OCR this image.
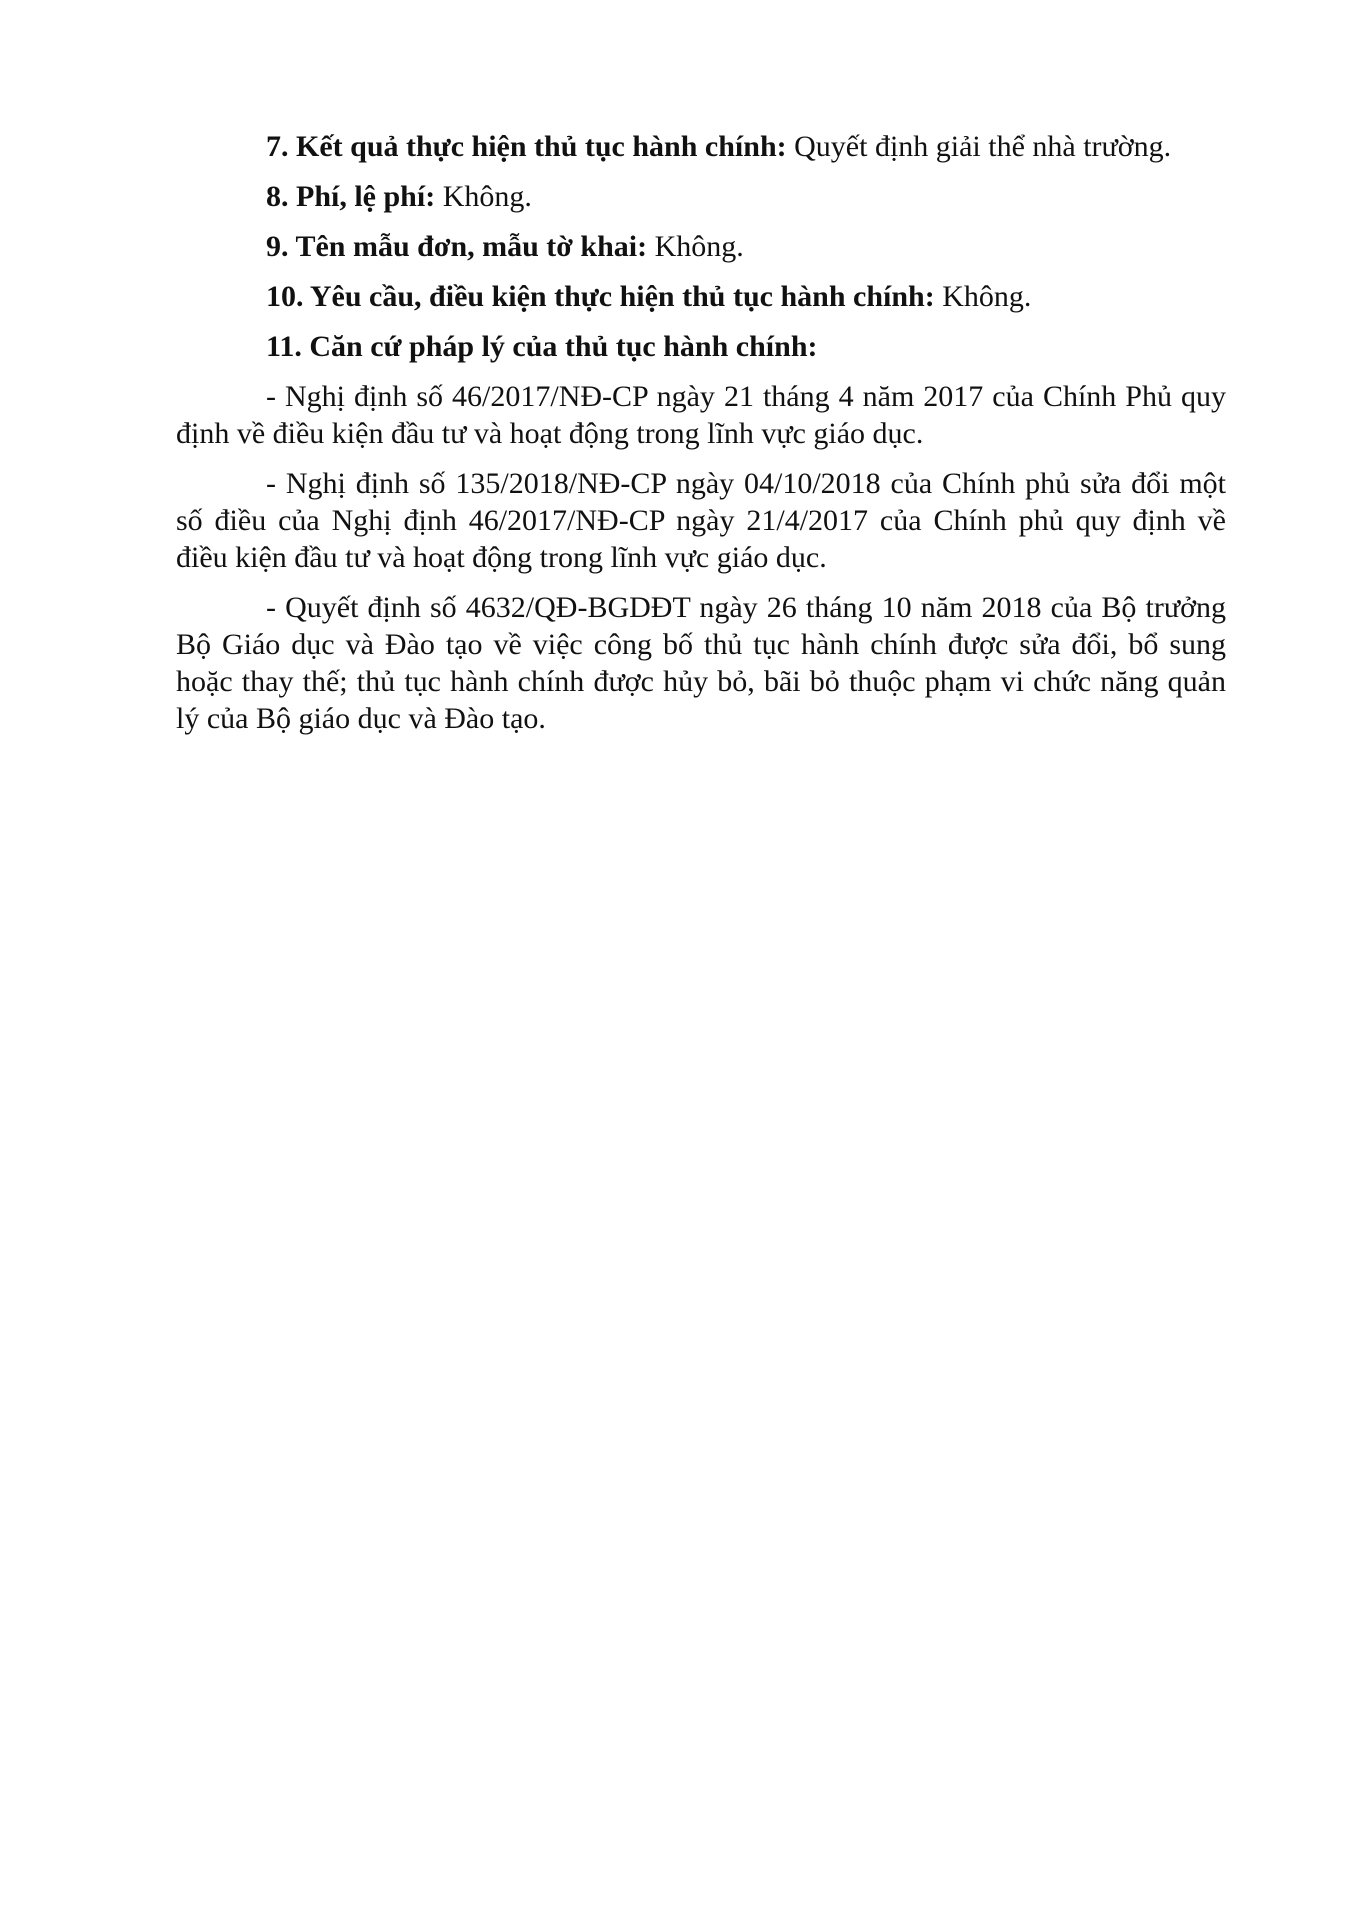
7. Kết quả thực hiện thủ tục hành chính: Quyết định giải thể nhà trường.

8. Phí, lệ phí: Không.

9. Tên mẫu đơn, mẫu tờ khai: Không.

10. Yêu cầu, điều kiện thực hiện thủ tục hành chính: Không.

11. Căn cứ pháp lý của thủ tục hành chính:

- Nghị định số 46/2017/NĐ-CP ngày 21 tháng 4 năm 2017 của Chính Phủ quy định về điều kiện đầu tư và hoạt động trong lĩnh vực giáo dục.

- Nghị định số 135/2018/NĐ-CP ngày 04/10/2018 của Chính phủ sửa đổi một số điều của Nghị định 46/2017/NĐ-CP ngày 21/4/2017 của Chính phủ quy định về điều kiện đầu tư và hoạt động trong lĩnh vực giáo dục.

- Quyết định số 4632/QĐ-BGDĐT ngày 26 tháng 10 năm 2018 của Bộ trưởng Bộ Giáo dục và Đào tạo về việc công bố thủ tục hành chính được sửa đổi, bổ sung hoặc thay thế; thủ tục hành chính được hủy bỏ, bãi bỏ thuộc phạm vi chức năng quản lý của Bộ giáo dục và Đào tạo.
